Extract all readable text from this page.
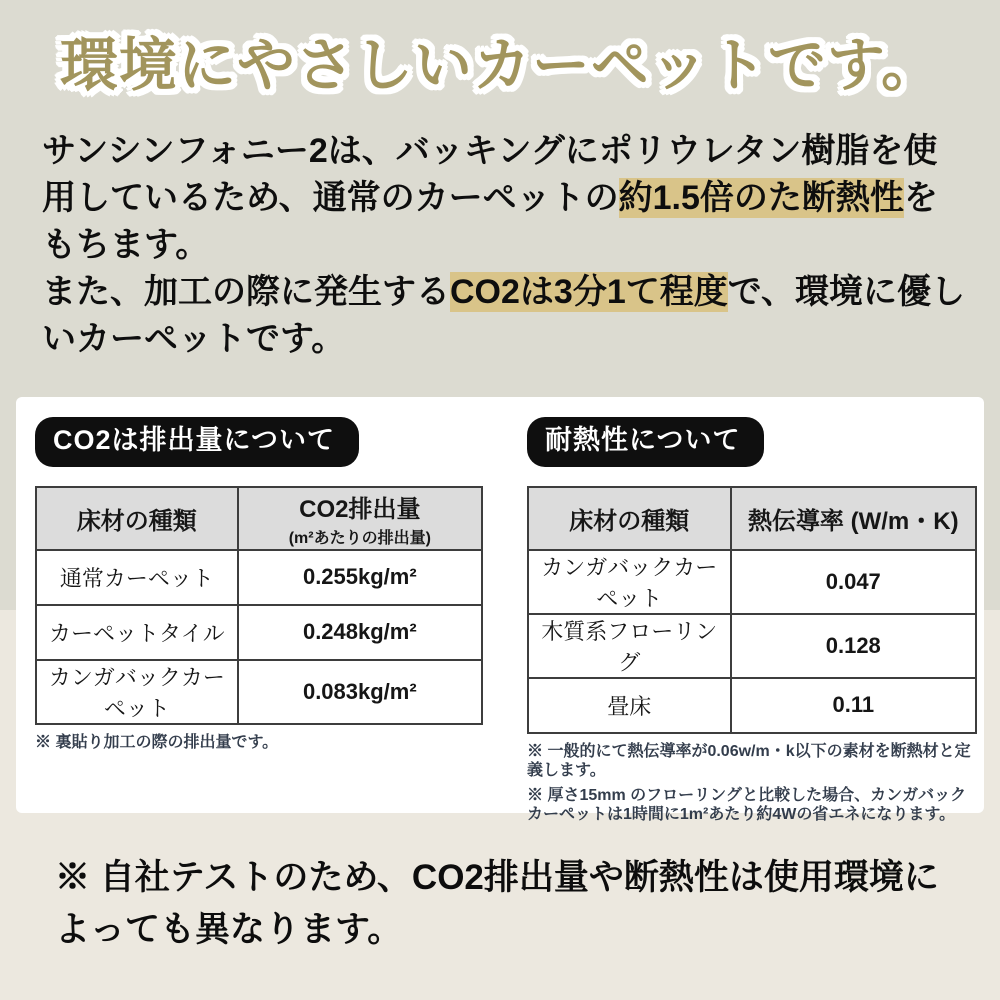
環境にやさしいカーペットです。

サンシンフォニー2は、バッキングにポリウレタン樹脂を使用しているため、通常のカーペットの約1.5倍のた断熱性をもちます。

また、加工の際に発生するCO2は3分1て程度で、環境に優しいカーペットです。

CO2は排出量について
床材の種類	CO2排出量
(m²あたりの排出量)

通常カーペット	0.255kg/m²
カーペットタイル	0.248kg/m²
カンガバックカーペット	0.083kg/m²
※ 裏貼り加工の際の排出量です。
耐熱性について
床材の種類	熱伝導率 (W/m・K)
カンガバックカーペット	0.047
木質系フローリング	0.128
畳床	0.11
※ 一般的にて熱伝導率が0.06w/m・k以下の素材を断熱材と定義します。
※ 厚さ15mm のフローリングと比較した場合、カンガバックカーペットは1時間に1m²あたり約4Wの省エネになります。
※ 自社テストのため、CO2排出量や断熱性は使用環境によっても異なります。
